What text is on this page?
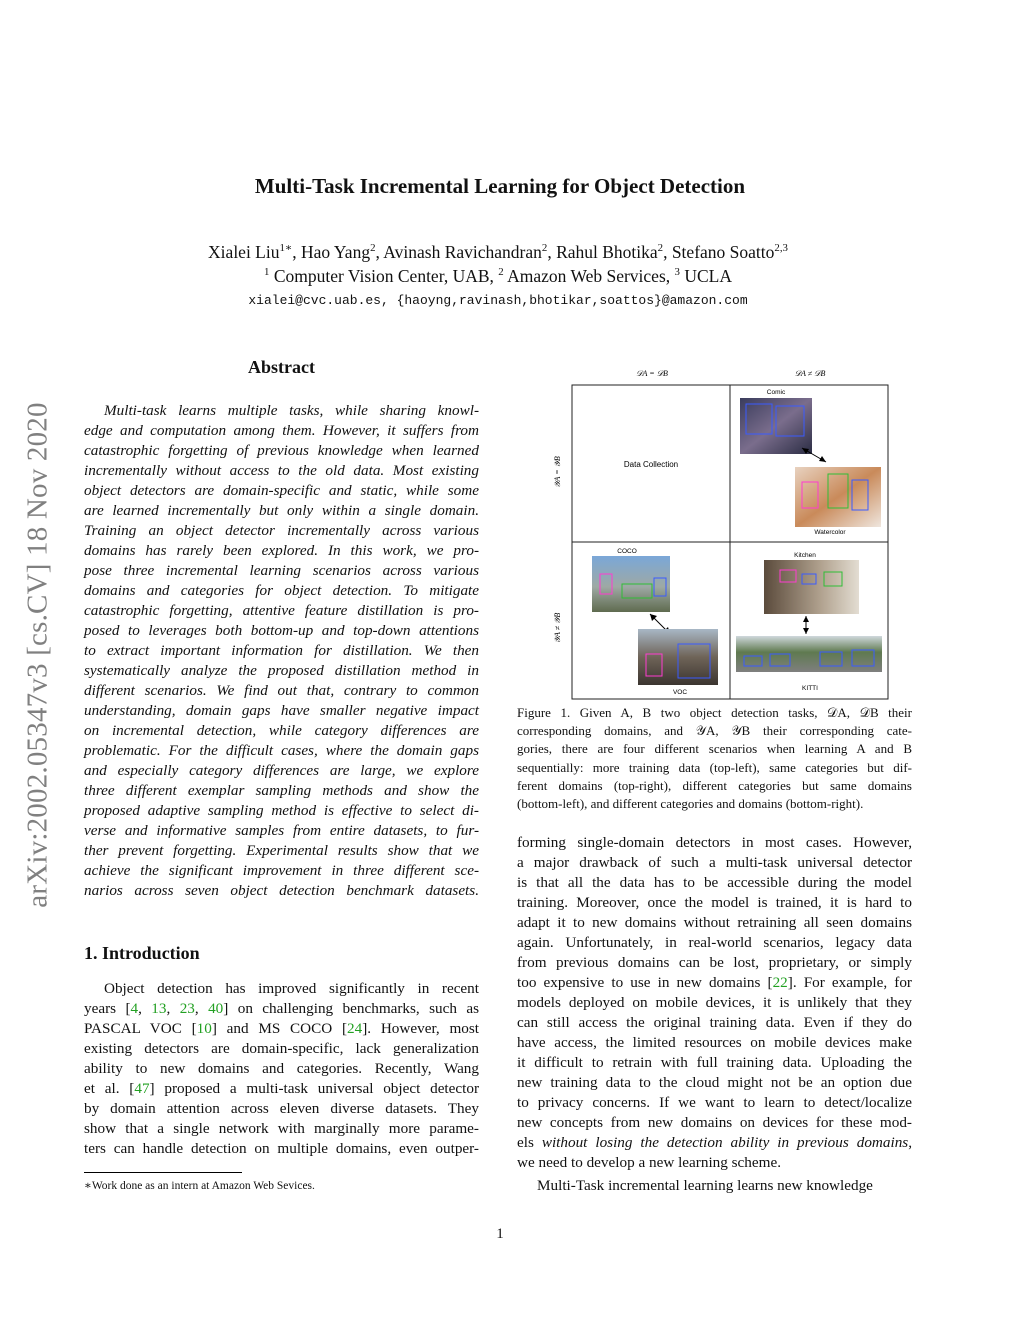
arXiv:2002.05347v3 [cs.CV] 18 Nov 2020
Multi-Task Incremental Learning for Object Detection
Xialei Liu$^{1∗}$, Hao Yang$^2$, Avinash Ravichandran$^2$, Rahul Bhotika$^2$, Stefano Soatto$^{2,3}$
$^1$ Computer Vision Center, UAB, $^2$ Amazon Web Services, $^3$ UCLA
xialei@cvc.uab.es, {haoyng,ravinash,bhotikar,soattos}@amazon.com
Abstract
Multi-task learns multiple tasks, while sharing knowl-
edge and computation among them. However, it suffers from
catastrophic forgetting of previous knowledge when learned
incrementally without access to the old data. Most existing
object detectors are domain-specific and static, while some
are learned incrementally but only within a single domain.
Training an object detector incrementally across various
domains has rarely been explored. In this work, we pro-
pose three incremental learning scenarios across various
domains and categories for object detection. To mitigate
catastrophic forgetting, attentive feature distillation is pro-
posed to leverages both bottom-up and top-down attentions
to extract important information for distillation. We then
systematically analyze the proposed distillation method in
different scenarios. We find out that, contrary to common
understanding, domain gaps have smaller negative impact
on incremental detection, while category differences are
problematic. For the difficult cases, where the domain gaps
and especially category differences are large, we explore
three different exemplar sampling methods and show the
proposed adaptive sampling method is effective to select di-
verse and informative samples from entire datasets, to fur-
ther prevent forgetting. Experimental results show that we
achieve the significant improvement in three different sce-
narios across seven object detection benchmark datasets.
1. Introduction
Object detection has improved significantly in recent
years [4, 13, 23, 40] on challenging benchmarks, such as
PASCAL VOC [10] and MS COCO [24]. However, most
existing detectors are domain-specific, lack generalization
ability to new domains and categories. Recently, Wang
et al. [47] proposed a multi-task universal object detector
by domain attention across eleven diverse datasets. They
show that a single network with marginally more parame-
ters can handle detection on multiple domains, even outper-
forming single-domain detectors in most cases. However,
a major drawback of such a multi-task universal detector
is that all the data has to be accessible during the model
training. Moreover, once the model is trained, it is hard to
adapt it to new domains without retraining all seen domains
again. Unfortunately, in real-world scenarios, legacy data
from previous domains can be lost, proprietary, or simply
too expensive to use in new domains [22]. For example, for
models deployed on mobile devices, it is unlikely that they
can still access the original training data. Even if they do
have access, the limited resources on mobile devices make
it difficult to retrain with full training data. Uploading the
new training data to the cloud might not be an option due
to privacy concerns. If we want to learn to detect/localize
new concepts from new domains on devices for these mod-
els without losing the detection ability in previous domains,
we need to develop a new learning scheme.
Multi-Task incremental learning learns new knowledge
𝒟A = 𝒟B	𝒟A ≠ 𝒟B
𝒴A = 𝒴B
𝒴A ≠ 𝒴B
Data Collection
Comic
Watercolor
COCO
VOC
Kitchen
KITTI
Figure 1. Given A, B two object detection tasks, 𝒟A, 𝒟B their
corresponding domains, and 𝒴A, 𝒴B their corresponding cate-
gories, there are four different scenarios when learning A and B
sequentially: more training data (top-left), same categories but dif-
ferent domains (top-right), different categories but same domains
(bottom-left), and different categories and domains (bottom-right).
∗Work done as an intern at Amazon Web Sevices.
1
